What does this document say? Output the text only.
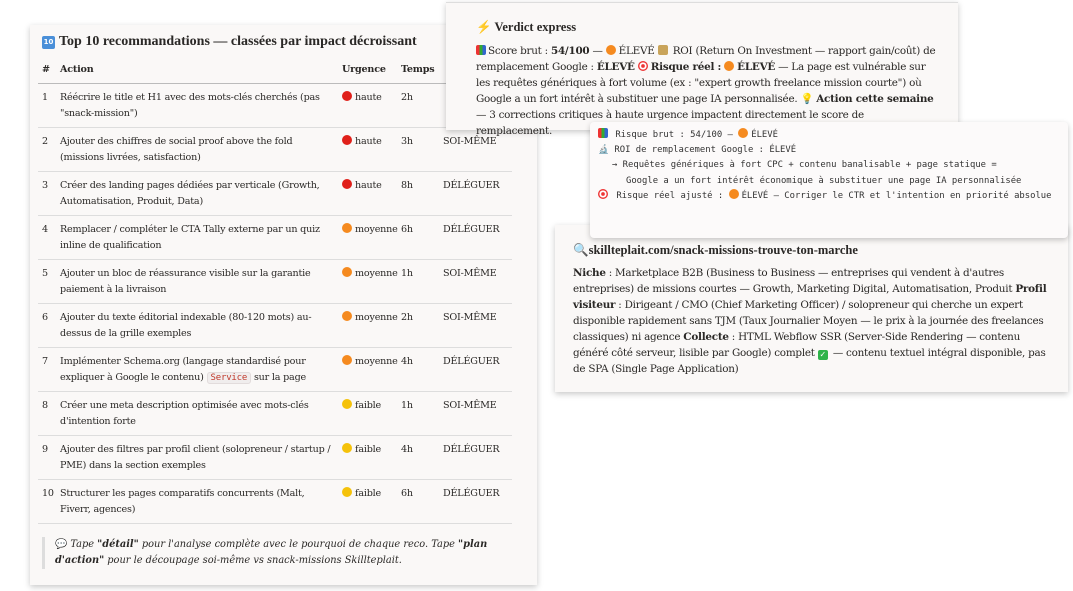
10 Top 10 recommandations — classées par impact décroissant
#	Action	Urgence	Temps	
1	Réécrire le title et H1 avec des mots-clés cherchés (pas "snack-mission")	haute	2h	
2	Ajouter des chiffres de social proof above the fold (missions livrées, satisfaction)	haute	3h	SOI-MÊME
3	Créer des landing pages dédiées par verticale (Growth, Automatisation, Produit, Data)	haute	8h	DÉLÉGUER
4	Remplacer / compléter le CTA Tally externe par un quiz inline de qualification	moyenne	6h	DÉLÉGUER
5	Ajouter un bloc de réassurance visible sur la garantie paiement à la livraison	moyenne	1h	SOI-MÊME
6	Ajouter du texte éditorial indexable (80-120 mots) au-dessus de la grille exemples	moyenne	2h	SOI-MÊME
7	Implémenter Schema.org (langage standardisé pour expliquer à Google le contenu) Service sur la page	moyenne	4h	DÉLÉGUER
8	Créer une meta description optimisée avec mots-clés d'intention forte	faible	1h	SOI-MÊME
9	Ajouter des filtres par profil client (solopreneur / startup / PME) dans la section exemples	faible	4h	DÉLÉGUER
10	Structurer les pages comparatifs concurrents (Malt, Fiverr, agences)	faible	6h	DÉLÉGUER
💬 Tape "détail" pour l'analyse complète avec le pourquoi de chaque reco. Tape "plan d'action" pour le découpage soi-même vs snack-missions Skillteplait.
⚡ Verdict express
Score brut : 54/100 — ÉLEVÉ  ROI (Return On Investment — rapport gain/coût) de remplacement Google : ÉLEVÉ Risque réel : ÉLEVÉ — La page est vulnérable sur les requêtes génériques à fort volume (ex : "expert growth freelance mission courte") où Google a un fort intérêt à substituer une page IA personnalisée. 💡 Action cette semaine — 3 corrections critiques à haute urgence impactent directement le score de remplacement.	Risque brut : 54/100 — ÉLEVÉ
🔬 ROI de remplacement Google : ÉLEVÉ
→ Requêtes génériques à fort CPC + contenu banalisable + page statique =
Google a un fort intérêt économique à substituer une page IA personnalisée
Risque réel ajusté : ÉLEVÉ — Corriger le CTR et l'intention en priorité absolue
🔍skillteplait.com/snack-missions-trouve-ton-marche
Niche : Marketplace B2B (Business to Business — entreprises qui vendent à d'autres entreprises) de missions courtes — Growth, Marketing Digital, Automatisation, Produit Profil visiteur : Dirigeant / CMO (Chief Marketing Officer) / solopreneur qui cherche un expert disponible rapidement sans TJM (Taux Journalier Moyen — le prix à la journée des freelances classiques) ni agence Collecte : HTML Webflow SSR (Server-Side Rendering — contenu généré côté serveur, lisible par Google) complet ✓ — contenu textuel intégral disponible, pas de SPA (Single Page Application)
